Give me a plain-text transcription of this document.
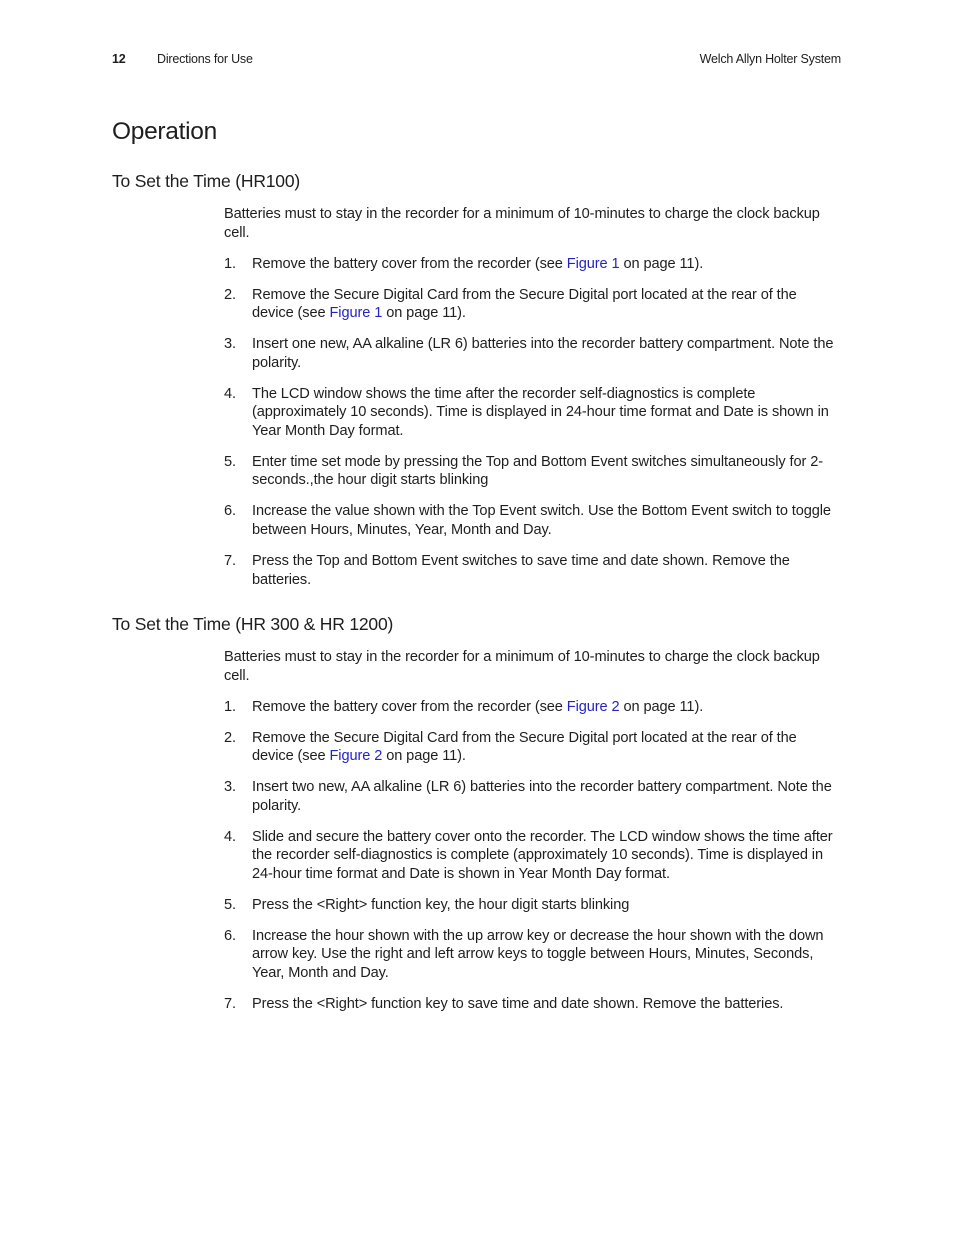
12	Directions for Use	Welch Allyn Holter System
Operation
To Set the Time (HR100)

Batteries must to stay in the recorder for a minimum of 10-minutes to charge the clock backup cell.

1. Remove the battery cover from the recorder (see Figure 1 on page 11).
2. Remove the Secure Digital Card from the Secure Digital port located at the rear of the device (see Figure 1 on page 11).
3. Insert one new, AA alkaline (LR 6) batteries into the recorder battery compartment. Note the polarity.
4. The LCD window shows the time after the recorder self-diagnostics is complete (approximately 10 seconds). Time is displayed in 24-hour time format and Date is shown in Year Month Day format.
5. Enter time set mode by pressing the Top and Bottom Event switches simultaneously for 2-seconds.,the hour digit starts blinking
6. Increase the value shown with the Top Event switch. Use the Bottom Event switch to toggle between Hours, Minutes, Year, Month and Day.
7. Press the Top and Bottom Event switches to save time and date shown. Remove the batteries.
To Set the Time (HR 300 & HR 1200)

Batteries must to stay in the recorder for a minimum of 10-minutes to charge the clock backup cell.

1. Remove the battery cover from the recorder (see Figure 2 on page 11).
2. Remove the Secure Digital Card from the Secure Digital port located at the rear of the device (see Figure 2 on page 11).
3. Insert two new, AA alkaline (LR 6) batteries into the recorder battery compartment. Note the polarity.
4. Slide and secure the battery cover onto the recorder. The LCD window shows the time after the recorder self-diagnostics is complete (approximately 10 seconds). Time is displayed in 24-hour time format and Date is shown in Year Month Day format.
5. Press the <Right> function key, the hour digit starts blinking
6. Increase the hour shown with the up arrow key or decrease the hour shown with the down arrow key. Use the right and left arrow keys to toggle between Hours, Minutes, Seconds, Year, Month and Day.
7. Press the <Right> function key to save time and date shown. Remove the batteries.
